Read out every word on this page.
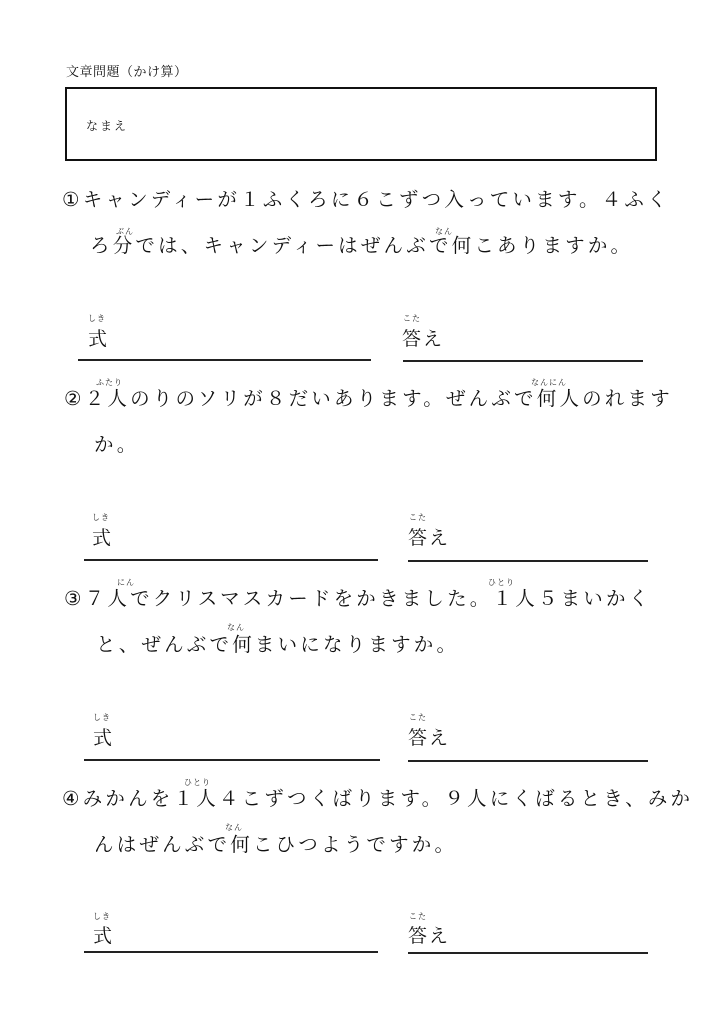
文章問題（かけ算）
なまえ
ぶん	なん
①キャンディーが１ふくろに６こずつ入っています。４ふく
ろ分では、キャンディーはぜんぶで何こありますか。
しき
式
こた
答え
ふたり	なんにん
②２人のりのソリが８だいあります。ぜんぶで何人のれます
か。
しき
式
こた
答え
にん	ひとり
なん
③７人でクリスマスカードをかきました。１人５まいかく
と、ぜんぶで何まいになりますか。
しき
式
こた
答え
ひとり
なん
④みかんを１人４こずつくばります。９人にくばるとき、みか
んはぜんぶで何こひつようですか。
しき
式
こた
答え
